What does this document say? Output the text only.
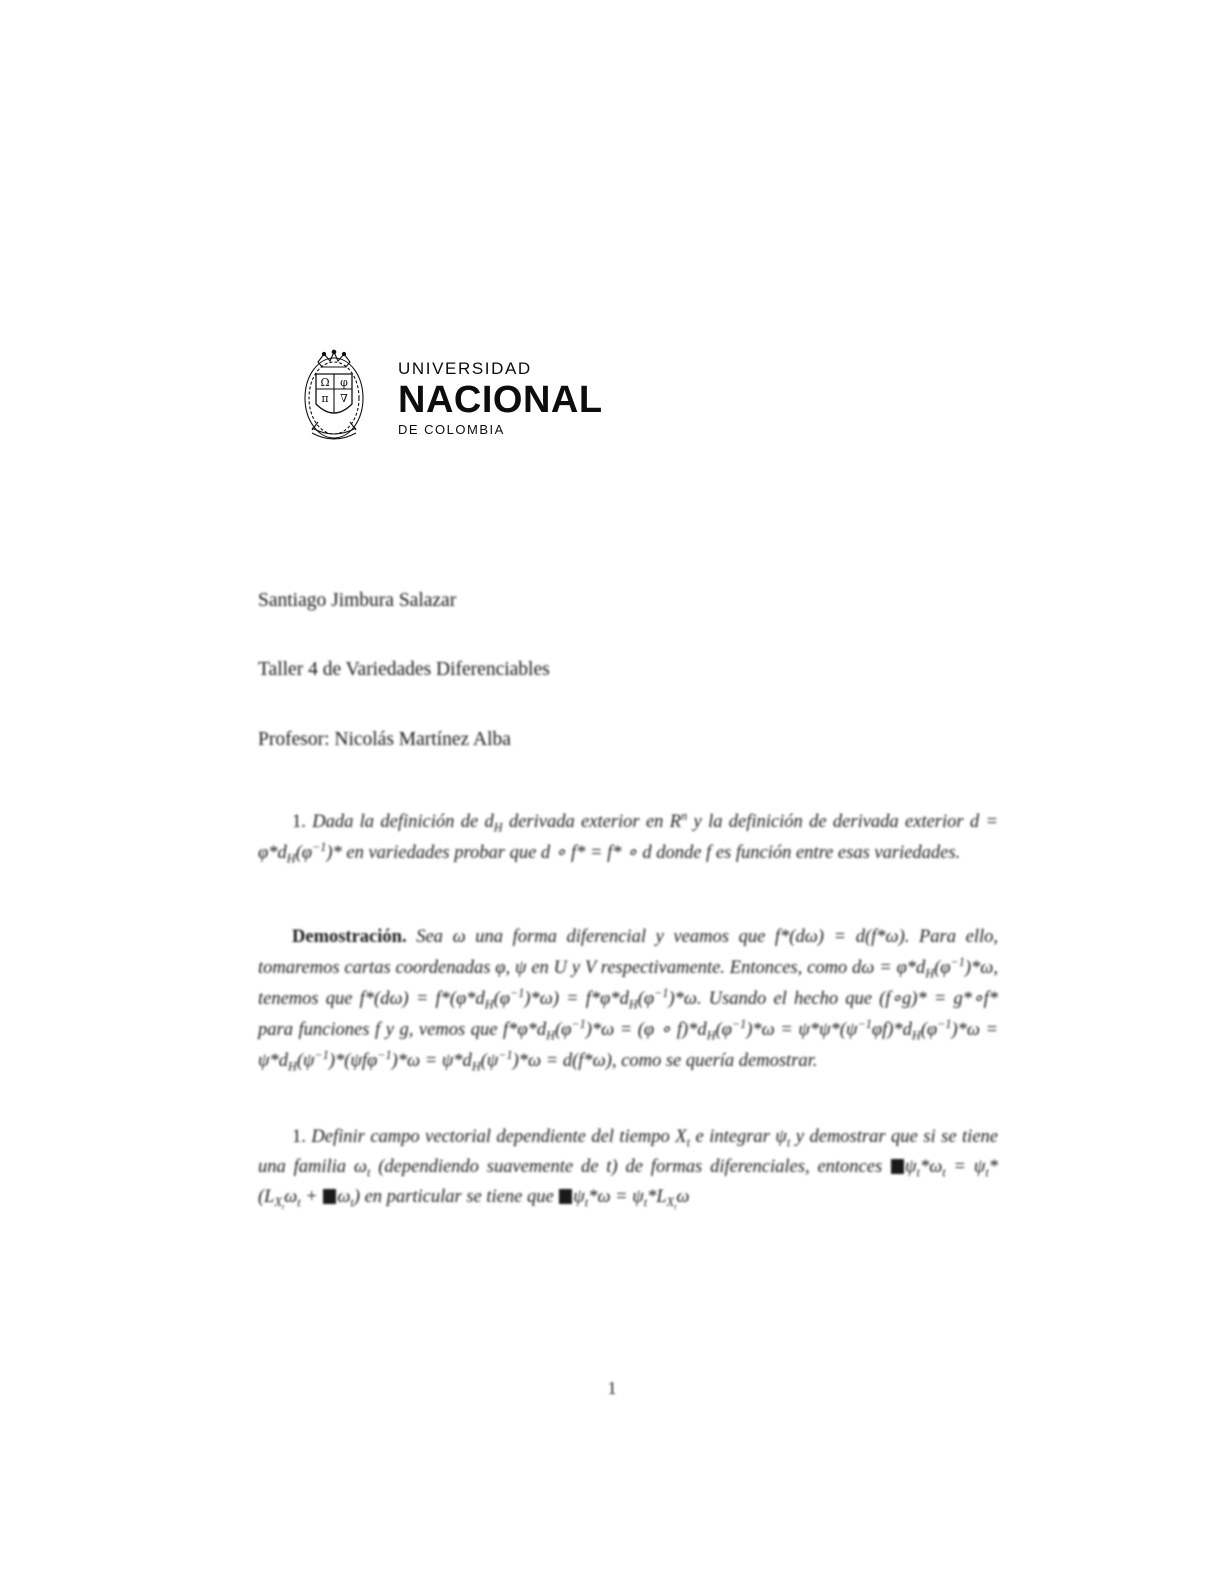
Ω φ
π ∇
UNIVERSIDAD
NACIONAL
DE COLOMBIA
Santiago Jimbura Salazar
Taller 4 de Variedades Diferenciables
Profesor: Nicolás Martínez Alba

1. Dada la definición de $d_H$ derivada exterior en $R^n$ y la definición de derivada exterior $d = \varphi*d_H(\varphi^{-1})*$ en variedades probar que d ∘ f* = f* ∘ d donde f es función entre esas variedades.

Demostración. Sea ω una forma diferencial y veamos que f*(dω) = d(f*ω). Para ello, tomaremos cartas coordenadas φ, ψ en U y V respectivamente. Entonces, como $d\omega = \varphi*d_H(\varphi^{-1})*\omega$, tenemos que $f*(d\omega) = f*(\varphi*d_H(\varphi^{-1})*\omega) = f*\varphi*d_H(\varphi^{-1})*\omega$. Usando el hecho que (f∘g)* = g*∘f* para funciones f y g, vemos que $f*\varphi*d_H(\varphi^{-1})*\omega = (\varphi$ ∘ $f)*d_H(\varphi^{-1})*\omega = \psi*\psi*(\psi^{-1}\varphi f)*d_H(\varphi^{-1})*\omega = \psi*d_H(\psi^{-1})*(\psi f\varphi^{-1})*\omega = \psi*d_H(\psi^{-1})*\omega = d(f*\omega)$, como se quería demostrar.

1. Definir campo vectorial dependiente del tiempo $X_t$ e integrar $\psi_t$ y demostrar que si se tiene una familia $\omega_t$ (dependiendo suavemente de t) de formas diferenciales, entonces $\psi_t*\omega_t = \psi_t*(L_{X_t}\omega_t + \omega_t)$ en particular se tiene que $\psi_t*\omega = \psi_t*L_{X_t}\omega$

1
